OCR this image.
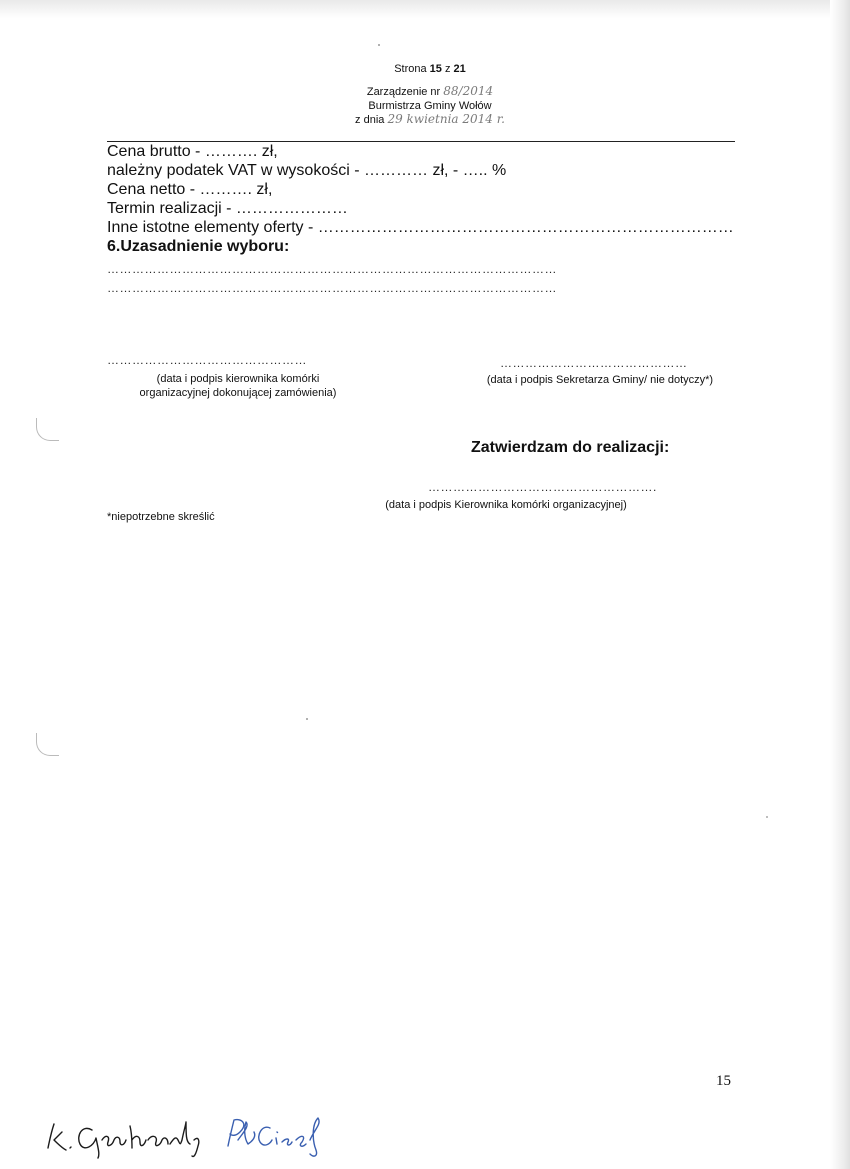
Strona 15 z 21
Zarządzenie nr 88/2014
Burmistrza Gminy Wołów
z dnia 29 kwietnia 2014 r.
Cena brutto - ………. zł,
należny podatek VAT w wysokości - ………… zł, - ….. %
Cena netto - ………. zł,
Termin realizacji - …………………
Inne istotne elementy oferty - ……………………………………………………………………
6.Uzasadnienie wyboru:
………………………………………………………………………………………………
………………………………………………………………………………………………
…………………………………………
(data i podpis kierownika komórki
organizacyjnej dokonującej zamówienia)
………………………………………
(data i podpis Sekretarza Gminy/ nie dotyczy*)
Zatwierdzam do realizacji:
……………………………………………….
(data i podpis Kierownika komórki organizacyjnej)
*niepotrzebne skreślić
15
